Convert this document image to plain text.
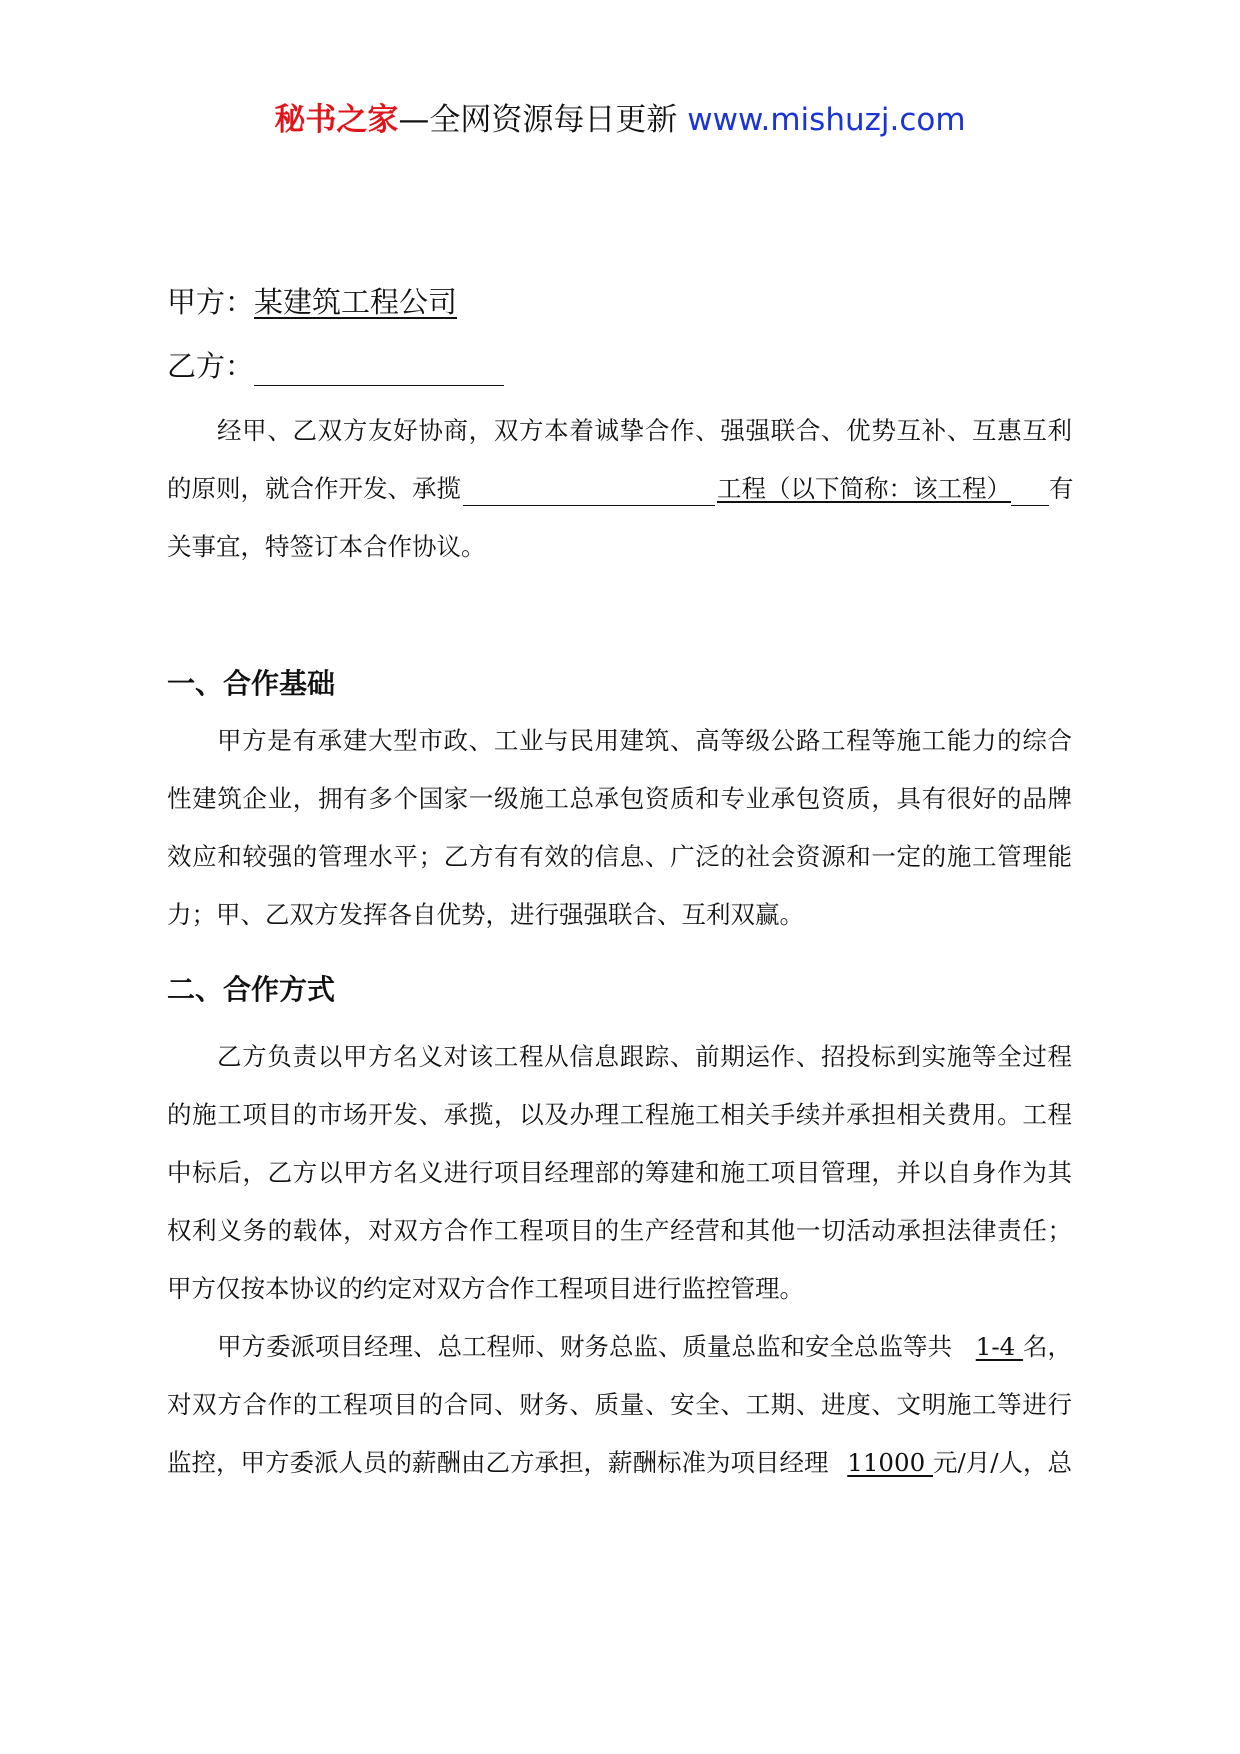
秘书之家—全网资源每日更新 www.mishuzj.com
甲方：某建筑工程公司
乙方：
经甲、乙双方友好协商，双方本着诚挚合作、强强联合、优势互补、互惠互利
的原则，就合作开发、承揽	工程（以下简称：该工程）	有
关事宜，特签订本合作协议。
一、合作基础
甲方是有承建大型市政、工业与民用建筑、高等级公路工程等施工能力的综合
性建筑企业，拥有多个国家一级施工总承包资质和专业承包资质，具有很好的品牌
效应和较强的管理水平；乙方有有效的信息、广泛的社会资源和一定的施工管理能
力；甲、乙双方发挥各自优势，进行强强联合、互利双赢。
二、合作方式
乙方负责以甲方名义对该工程从信息跟踪、前期运作、招投标到实施等全过程
的施工项目的市场开发、承揽，以及办理工程施工相关手续并承担相关费用。工程
中标后，乙方以甲方名义进行项目经理部的筹建和施工项目管理，并以自身作为其
权利义务的载体，对双方合作工程项目的生产经营和其他一切活动承担法律责任；
甲方仅按本协议的约定对双方合作工程项目进行监控管理。
甲方委派项目经理、总工程师、财务总监、质量总监和安全总监等共 1-4 名，
对双方合作的工程项目的合同、财务、质量、安全、工期、进度、文明施工等进行
监控，甲方委派人员的薪酬由乙方承担，薪酬标准为项目经理 11000 元/月/人，总
